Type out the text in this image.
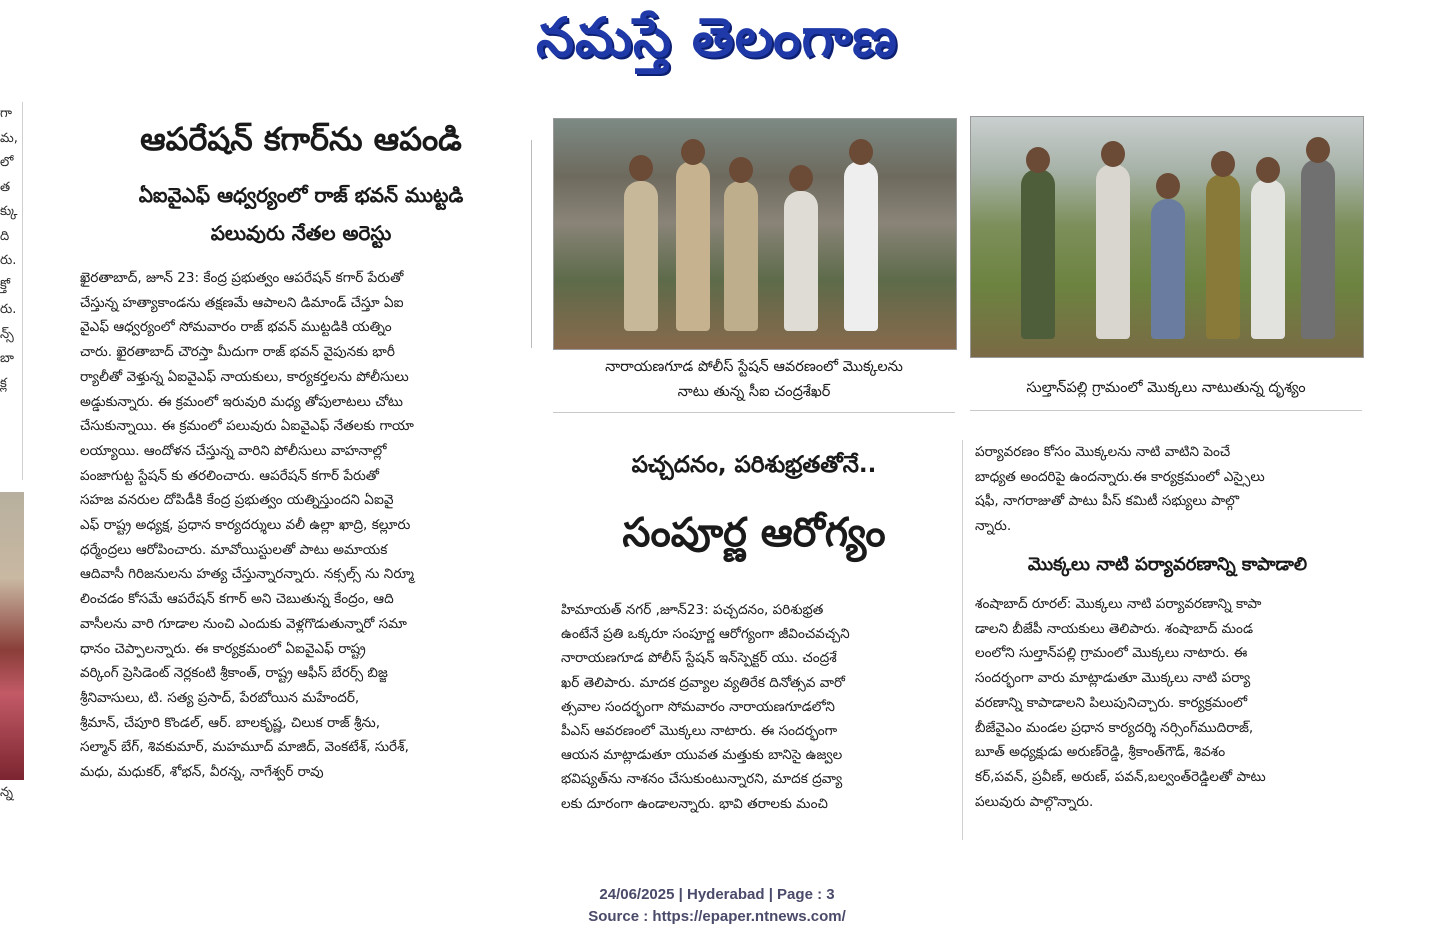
నమస్తే తెలంగాణ
గా
మ,
లో
త
క్కు
ది
రు.
క్తో
రు.
న్స్
బా
క్ల
న్న
ఆపరేషన్ కగార్‌ను ఆపండి
ఏఐవైఎఫ్ ఆధ్వర్యంలో రాజ్ భవన్ ముట్టడి
పలువురు నేతల అరెస్టు
ఖైరతాబాద్, జూన్ 23: కేంద్ర ప్రభుత్వం ఆపరేషన్ కగార్ పేరుతో
చేస్తున్న హత్యాకాండను తక్షణమే ఆపాలని డిమాండ్ చేస్తూ ఏఐ
వైఎఫ్ ఆధ్వర్యంలో సోమవారం రాజ్ భవన్ ముట్టడికి యత్నిం
చారు. ఖైరతాబాద్ చౌరస్తా మీదుగా రాజ్ భవన్ వైపునకు భారీ
ర్యాలీతో వెళ్తున్న ఏఐవైఎఫ్ నాయకులు, కార్యకర్తలను పోలీసులు
అడ్డుకున్నారు. ఈ క్రమంలో ఇరువురి మధ్య తోపులాటలు చోటు
చేసుకున్నాయి. ఈ క్రమంలో పలువురు ఏఐవైఎఫ్ నేతలకు గాయా
లయ్యాయి. ఆందోళన చేస్తున్న వారిని పోలీసులు వాహనాల్లో
పంజాగుట్ట స్టేషన్ కు తరలించారు. ఆపరేషన్ కగార్ పేరుతో
సహజ వనరుల దోపిడీకి కేంద్ర ప్రభుత్వం యత్నిస్తుందని ఏఐవై
ఎఫ్ రాష్ట్ర అధ్యక్ష, ప్రధాన కార్యదర్శులు వలీ ఉల్లా ఖాద్రి, కల్లూరు
ధర్మేంద్రలు ఆరోపించారు. మావోయిస్టులతో పాటు అమాయక
ఆదివాసీ గిరిజనులను హత్య చేస్తున్నారన్నారు. నక్సల్స్ ను నిర్మూ
లించడం కోసమే ఆపరేషన్ కగార్ అని చెబుతున్న కేంద్రం, ఆది
వాసీలను వారి గూడాల నుంచి ఎందుకు వెళ్లగొడుతున్నారో సమా
ధానం చెప్పాలన్నారు. ఈ కార్యక్రమంలో ఏఐవైఎఫ్ రాష్ట్ర
వర్కింగ్ ప్రెసిడెంట్ నెర్లకంటి శ్రీకాంత్, రాష్ట్ర ఆఫీస్ బేరర్స్ బిజ్జ
శ్రీనివాసులు, టి. సత్య ప్రసాద్, పేరబోయిన మహేందర్,
శ్రీమాన్, చేపూరి కొండల్, ఆర్. బాలకృష్ణ, చిలుక రాజ్ శ్రీను,
సల్మాన్ బేగ్, శివకుమార్, మహమూద్ మాజిద్, వెంకటేశ్, సురేశ్,
మధు, మధుకర్, శోభన్, వీరన్న, నాగేశ్వర్ రావు
నారాయణగూడ పోలీస్ స్టేషన్ ఆవరణంలో మొక్కలను
నాటు తున్న సీఐ చంద్రశేఖర్	సుల్తాన్‌పల్లి గ్రామంలో మొక్కలు నాటుతున్న దృశ్యం
పచ్చదనం, పరిశుభ్రతతోనే..
సంపూర్ణ ఆరోగ్యం
హిమాయత్ నగర్ ,జూన్23: పచ్చదనం, పరిశుభ్రత
ఉంటేనే ప్రతి ఒక్కరూ సంపూర్ణ ఆరోగ్యంగా జీవించవచ్చని
నారాయణగూడ పోలీస్ స్టేషన్ ఇన్‌స్పెక్టర్ యు. చంద్రశే
ఖర్ తెలిపారు. మాదక ద్రవ్యాల వ్యతిరేక దినోత్సవ వారో
త్సవాల సందర్భంగా సోమవారం నారాయణగూడలోని
పీఎస్ ఆవరణంలో మొక్కలు నాటారు. ఈ సందర్భంగా
ఆయన మాట్లాడుతూ యువత మత్తుకు బానిసై ఉజ్వల
భవిష్యత్‌ను నాశనం చేసుకుంటున్నారని, మాదక ద్రవ్యా
లకు దూరంగా ఉండాలన్నారు. భావి తరాలకు మంచి
పర్యావరణం కోసం మొక్కలను నాటి వాటిని పెంచే
బాధ్యత అందరిపై ఉందన్నారు.ఈ కార్యక్రమంలో ఎస్సైలు
షఫీ, నాగరాజుతో పాటు పీస్ కమిటీ సభ్యులు పాల్గొ
న్నారు.
మొక్కలు నాటి పర్యావరణాన్ని కాపాడాలి
శంషాబాద్ రూరల్: మొక్కలు నాటి పర్యావరణాన్ని కాపా
డాలని బీజేపీ నాయకులు తెలిపారు. శంషాబాద్ మండ
లంలోని సుల్తాన్‌పల్లి గ్రామంలో మొక్కలు నాటారు. ఈ
సందర్భంగా వారు మాట్లాడుతూ మొక్కలు నాటి పర్యా
వరణాన్ని కాపాడాలని పిలుపునిచ్చారు. కార్యక్రమంలో
బీజేవైఎం మండల ప్రధాన కార్యదర్శి నర్సింగ్‌ముదిరాజ్,
బూత్ అధ్యక్షుడు అరుణ్‌రెడ్డి, శ్రీకాంత్‌గౌడ్, శివశం
కర్,పవన్, ప్రవీణ్, అరుణ్, పవన్,బల్వంత్‌రెడ్డిలతో పాటు
పలువురు పాల్గొన్నారు.
24/06/2025 | Hyderabad | Page : 3
Source : https://epaper.ntnews.com/
